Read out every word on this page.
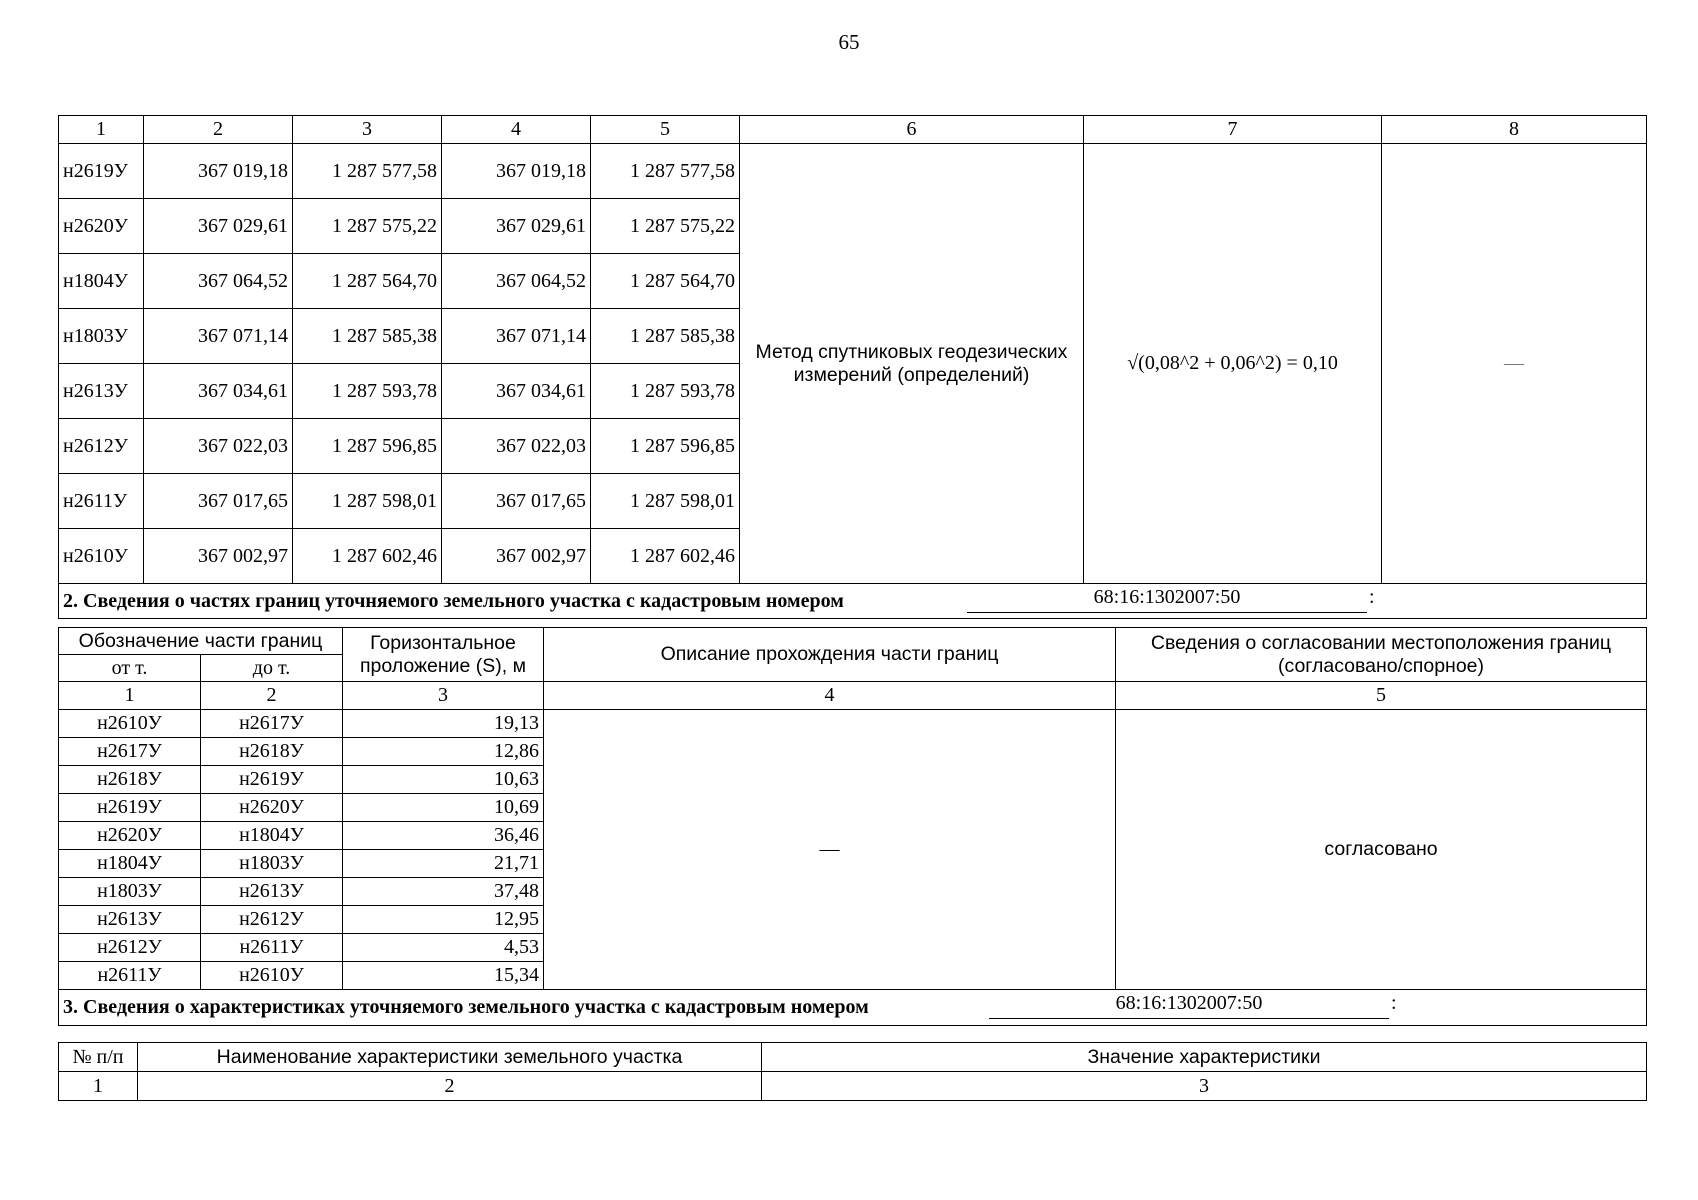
65
1	2	3	4	5	6	7	8
н2619У	367 019,18	1 287 577,58	367 019,18	1 287 577,58	Метод спутниковых геодезических измерений (определений)	√(0,08^2 + 0,06^2) = 0,10	—
н2620У	367 029,61	1 287 575,22	367 029,61	1 287 575,22			
н1804У	367 064,52	1 287 564,70	367 064,52	1 287 564,70			
н1803У	367 071,14	1 287 585,38	367 071,14	1 287 585,38			
н2613У	367 034,61	1 287 593,78	367 034,61	1 287 593,78			
н2612У	367 022,03	1 287 596,85	367 022,03	1 287 596,85			
н2611У	367 017,65	1 287 598,01	367 017,65	1 287 598,01			
н2610У	367 002,97	1 287 602,46	367 002,97	1 287 602,46			
2. Сведения о частях границ уточняемого земельного участка с кадастровым номером 68:16:1302007:50 :							
Обозначение части границ		Горизонтальное проложение (S), м	Описание прохождения части границ	Сведения о согласовании местоположения границ (согласовано/спорное)
от т.	до т.			
1	2	3	4	5
н2610У	н2617У	19,13	—	согласовано
н2617У	н2618У	12,86		
н2618У	н2619У	10,63		
н2619У	н2620У	10,69		
н2620У	н1804У	36,46		
н1804У	н1803У	21,71		
н1803У	н2613У	37,48		
н2613У	н2612У	12,95		
н2612У	н2611У	4,53		
н2611У	н2610У	15,34		
3. Сведения о характеристиках уточняемого земельного участка с кадастровым номером 68:16:1302007:50 :				
№ п/п	Наименование характеристики земельного участка	Значение характеристики
1	2	3
